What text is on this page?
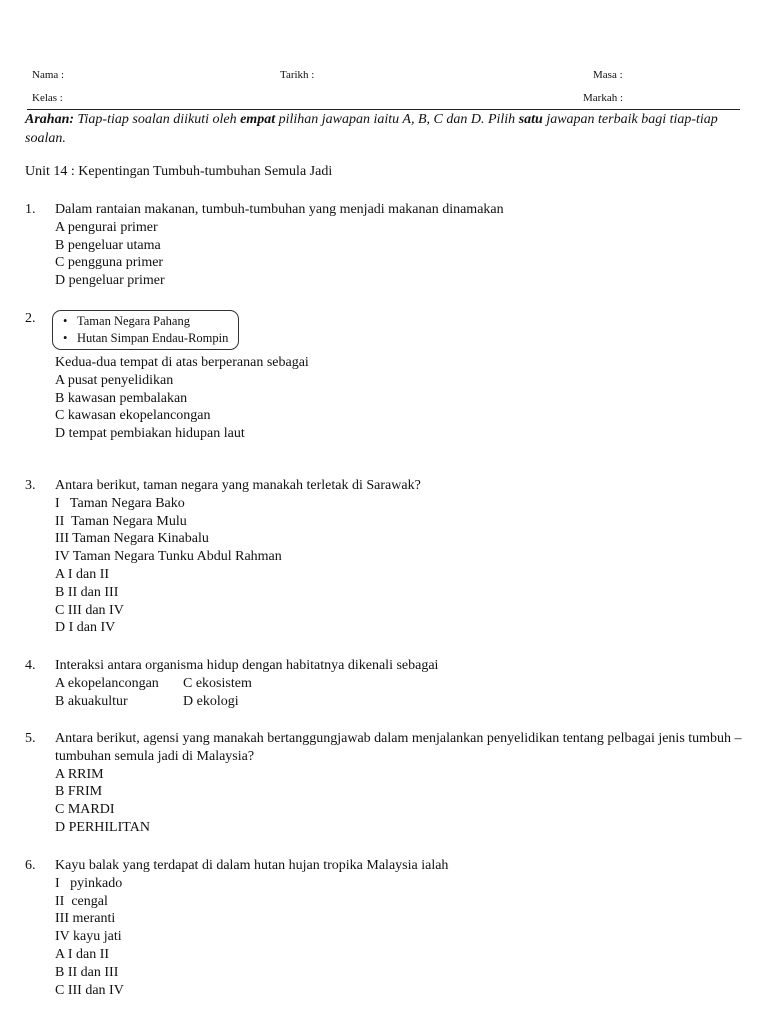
Nama :	Tarikh :	Masa :
Kelas :	Markah :
Arahan: Tiap-tiap soalan diikuti oleh empat pilihan jawapan iaitu A, B, C dan D. Pilih satu jawapan terbaik bagi tiap-tiap soalan.
Unit 14 : Kepentingan Tumbuh-tumbuhan Semula Jadi
1. Dalam rantaian makanan, tumbuh-tumbuhan yang menjadi makanan dinamakan
A pengurai primer
B pengeluar utama
C pengguna primer
D pengeluar primer
2. • Taman Negara Pahang
• Hutan Simpan Endau-Rompin
Kedua-dua tempat di atas berperanan sebagai
A pusat penyelidikan
B kawasan pembalakan
C kawasan ekopelancongan
D tempat pembiakan hidupan laut
3. Antara berikut, taman negara yang manakah terletak di Sarawak?
I   Taman Negara Bako
II  Taman Negara Mulu
III Taman Negara Kinabalu
IV Taman Negara Tunku Abdul Rahman
A I dan II
B II dan III
C III dan IV
D I dan IV
4. Interaksi antara organisma hidup dengan habitatnya dikenali sebagai
A ekopelancongan C ekosistem
B akuakultur	D ekologi
5. Antara berikut, agensi yang manakah bertanggungjawab dalam menjalankan penyelidikan tentang pelbagai jenis tumbuh – tumbuhan semula jadi di Malaysia?
A RRIM
B FRIM
C MARDI
D PERHILITAN
6. Kayu balak yang terdapat di dalam hutan hujan tropika Malaysia ialah
I   pyinkado
II  cengal
III meranti
IV kayu jati
A I dan II
B II dan III
C III dan IV
